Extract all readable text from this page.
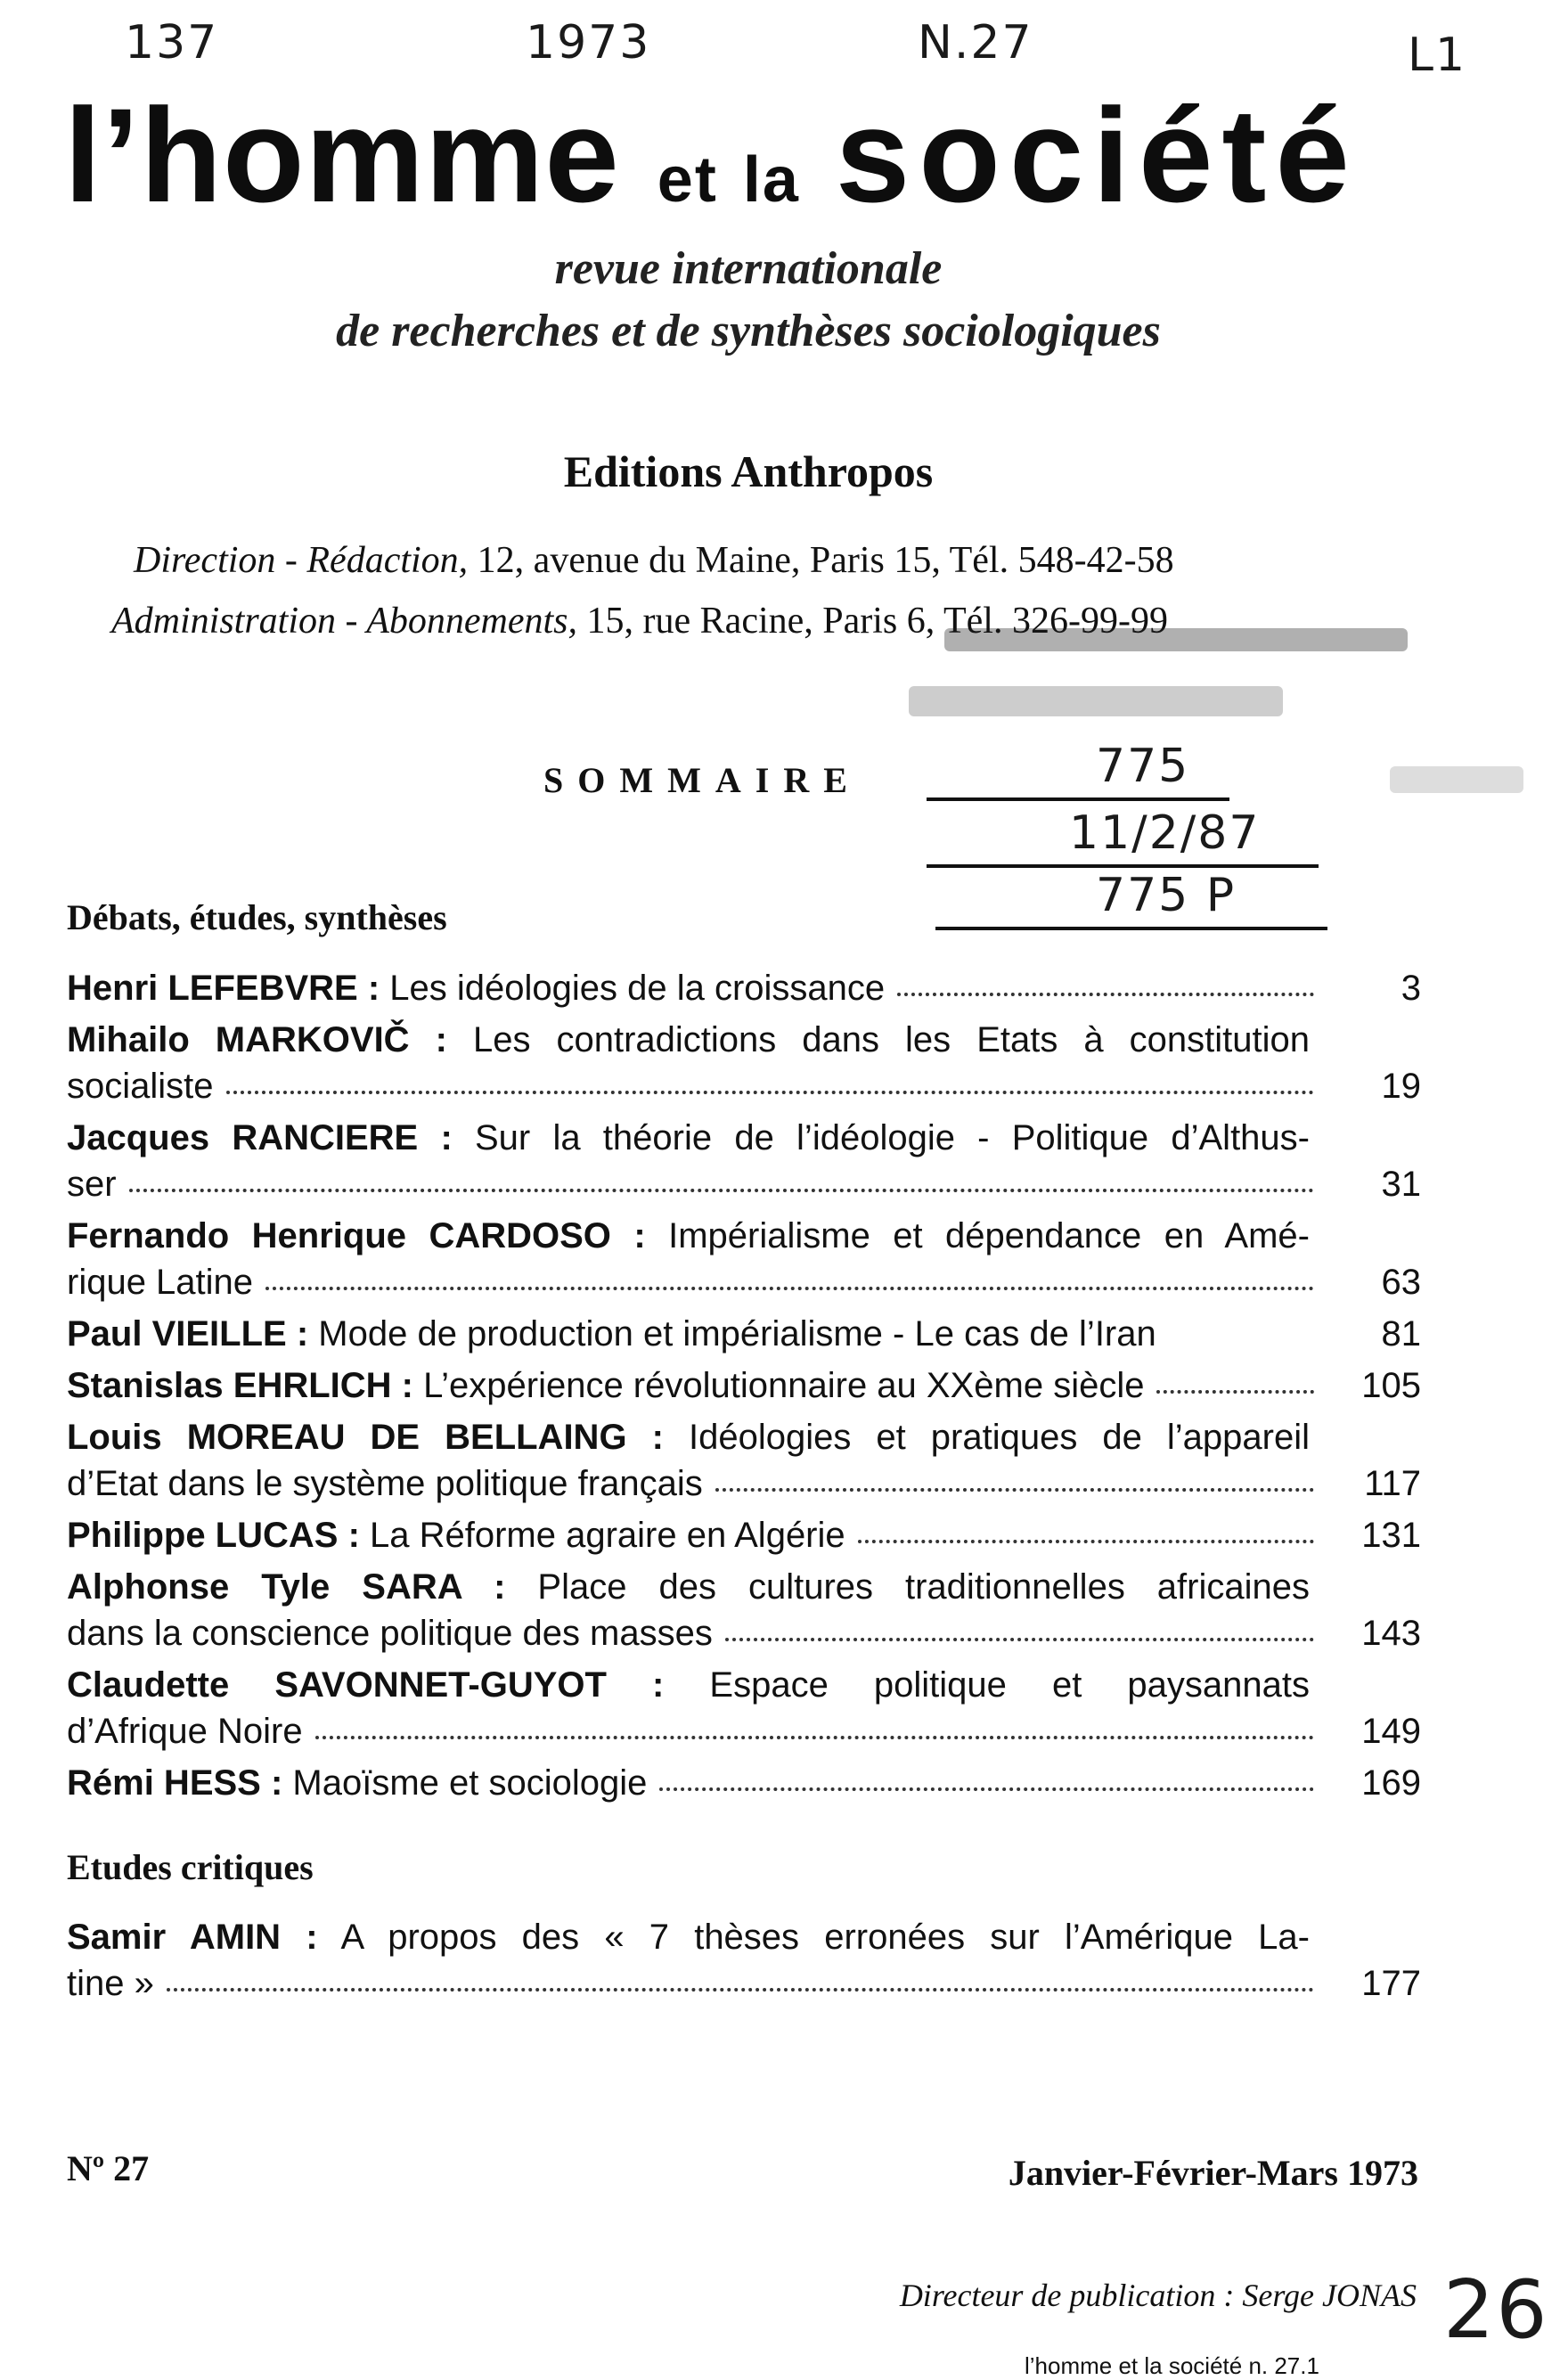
137	1973	N.27	L1
l’homme et la société
revue internationale
de recherches et de synthèses sociologiques
Editions Anthropos
Direction - Rédaction, 12, avenue du Maine, Paris 15, Tél. 548-42-58
Administration - Abonnements, 15, rue Racine, Paris 6, Tél. 326-99-99
SOMMAIRE	775
11/2/87
775 P
Débats, études, synthèses
Henri LEFEBVRE : Les idéologies de la croissance	3
Mihailo MARKOVIČ : Les contradictions dans les Etats à constitution
socialiste	19
Jacques RANCIERE : Sur la théorie de l’idéologie - Politique d’Althus-
ser	31
Fernando Henrique CARDOSO : Impérialisme et dépendance en Amé-
rique Latine	63
Paul VIEILLE : Mode de production et impérialisme - Le cas de l’Iran	81
Stanislas EHRLICH : L’expérience révolutionnaire au XXème siècle	105
Louis MOREAU DE BELLAING : Idéologies et pratiques de l’appareil
d’Etat dans le système politique français	117
Philippe LUCAS : La Réforme agraire en Algérie	131
Alphonse Tyle SARA : Place des cultures traditionnelles africaines
dans la conscience politique des masses	143
Claudette SAVONNET-GUYOT : Espace politique et paysannats
d’Afrique Noire	149
Rémi HESS : Maoïsme et sociologie	169
Etudes critiques
Samir AMIN : A propos des « 7 thèses erronées sur l’Amérique La-
tine »	177
Nº 27	Janvier-Février-Mars 1973
Directeur de publication : Serge JONAS 26
l’homme et la société n. 27.1
